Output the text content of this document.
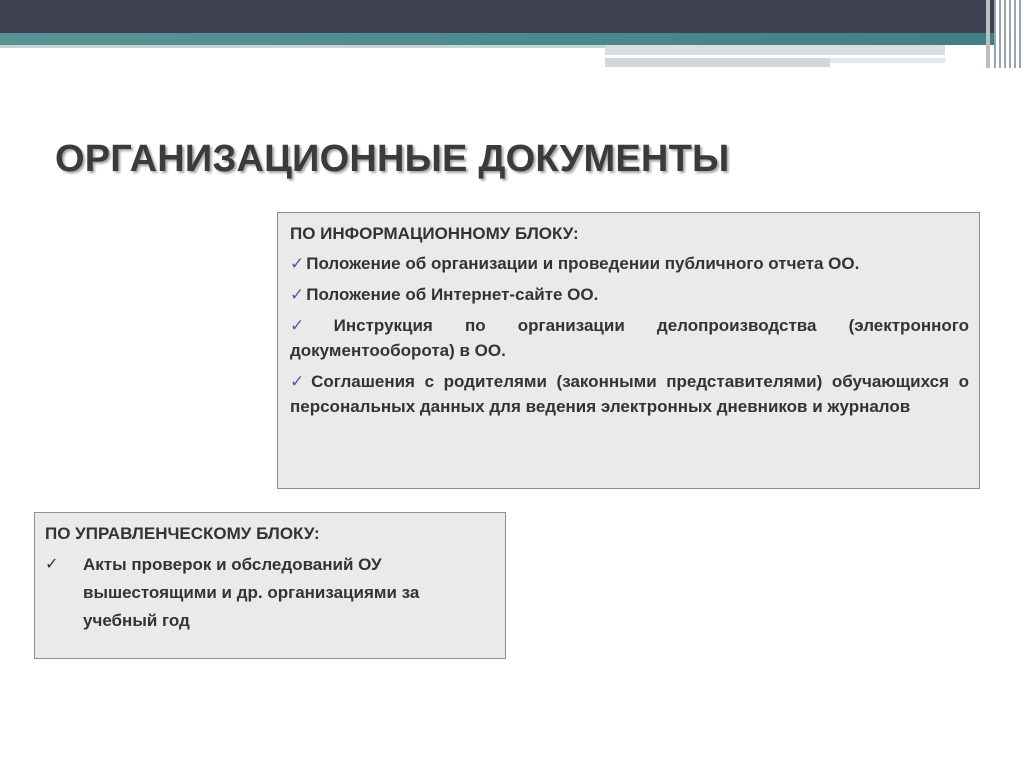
ОРГАНИЗАЦИОННЫЕ ДОКУМЕНТЫ
ПО ИНФОРМАЦИОННОМУ БЛОКУ:
✓ Положение об организации и проведении публичного отчета ОО.
✓ Положение об Интернет-сайте ОО.
✓ Инструкция по организации делопроизводства (электронного документооборота) в ОО.
✓ Соглашения с родителями (законными представителями) обучающихся о персональных данных для ведения электронных дневников и журналов
ПО УПРАВЛЕНЧЕСКОМУ БЛОКУ:
✓	Акты проверок и обследований ОУ вышестоящими и др. организациями за учебный год
